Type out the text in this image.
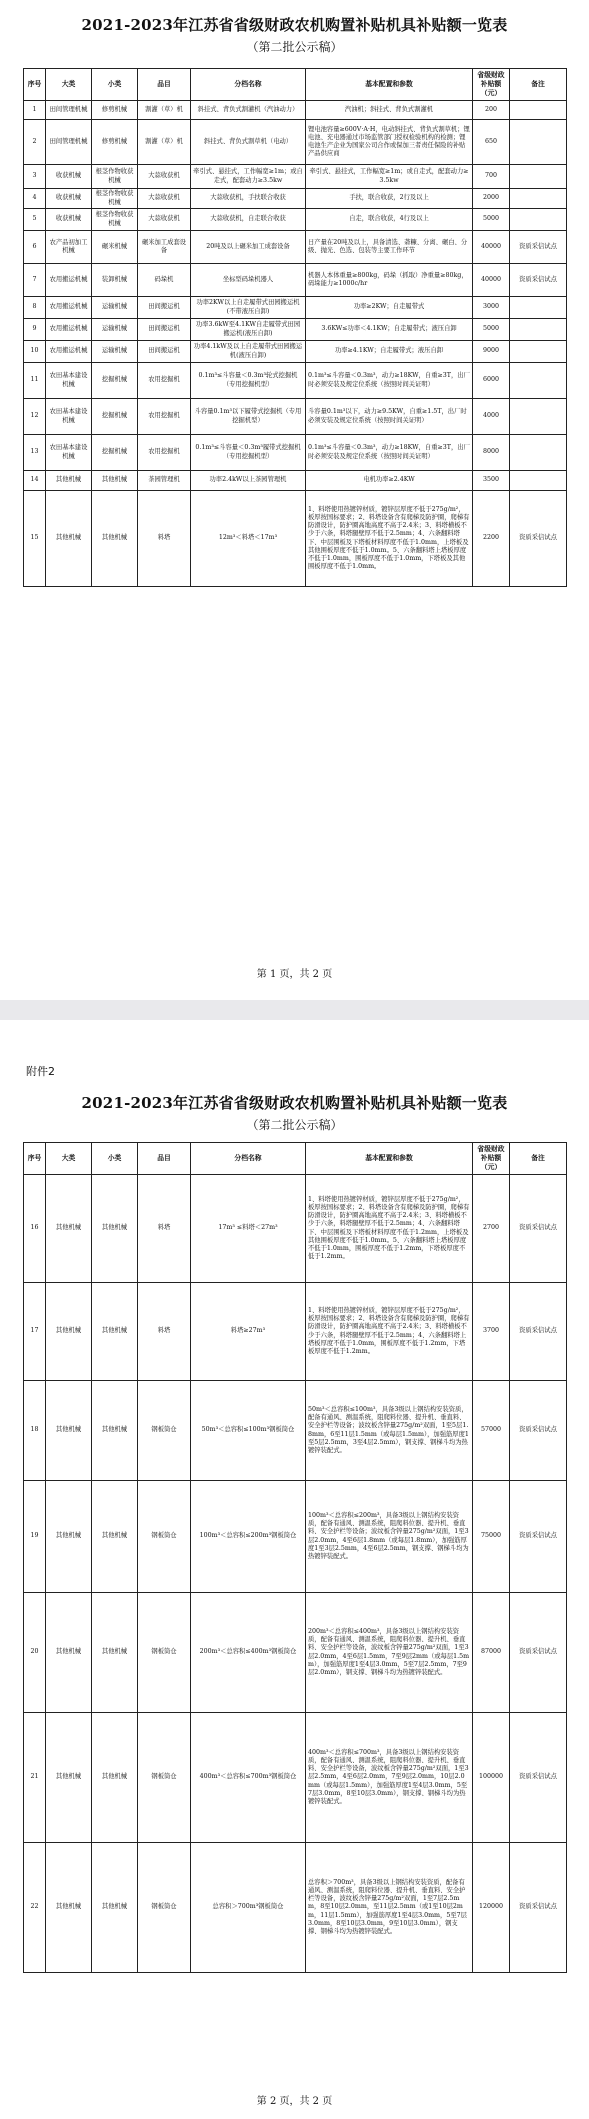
2021-2023年江苏省省级财政农机购置补贴机具补贴额一览表
（第二批公示稿）
序号	大类	小类	品目	分档名称	基本配置和参数	省级财政补贴额（元）	备注
1	田间管理机械	修剪机械	割灌（草）机	斜挂式、背负式割灌机（汽油动力）	汽油机；斜挂式、背负式割灌机	200	
2	田间管理机械	修剪机械	割灌（草）机	斜挂式、背负式割草机（电动）	锂电池容量≥600V·A·H，电动斜挂式、背负式割草机；锂电池、充电器通过市场监管部门授权检验机构的检测；锂电池生产企业为国家公司合作或保加三者责任保险的补贴产品供应商	650	
3	收获机械	根茎作物收获机械	大蒜收获机	牵引式、悬挂式，工作幅宽≥1m；或自走式，配套动力≥3.5kw	牵引式、悬挂式，工作幅宽≥1m；或自走式，配套动力≥3.5kw	700	
4	收获机械	根茎作物收获机械	大蒜收获机	大蒜收获机，手扶联合收获	手扶，联合收获，2行及以上	2000	
5	收获机械	根茎作物收获机械	大蒜收获机	大蒜收获机，自走联合收获	自走，联合收获，4行及以上	5000	
6	农产品初加工机械	碾米机械	碾米加工成套设备	20吨及以上碾米加工成套设备	日产量在20吨及以上，具备清选、砻糠、分离、碾白、分级、抛光、色选、包装等主要工作环节	40000	资质采信试点
7	农用搬运机械	装卸机械	码垛机	坐标型码垛机器人	机器人本体重量≥800kg，码垛（抓取）净重量≥80kg，码垛能力≥1000c/hr	40000	资质采信试点
8	农用搬运机械	运输机械	田间搬运机	功率2KW以上自走履带式田园搬运机(不带液压自卸)	功率≥2KW；自走履带式	3000	
9	农用搬运机械	运输机械	田间搬运机	功率3.6kW至4.1KW自走履带式田园搬运机(液压自卸)	3.6KW≤功率＜4.1KW；自走履带式；液压自卸	5000	
10	农用搬运机械	运输机械	田间搬运机	功率4.1kW及以上自走履带式田园搬运机(液压自卸)	功率≥4.1KW；自走履带式；液压自卸	9000	
11	农田基本建设机械	挖掘机械	农用挖掘机	0.1m³≤斗容量＜0.3m³轮式挖掘机（专用挖掘机型）	0.1m³≤斗容量＜0.3m³，动力≥18KW，自重≥3T，出厂时必须安装及规定位系统（按照时间关证明）	6000	
12	农田基本建设机械	挖掘机械	农用挖掘机	斗容量0.1m³以下履带式挖掘机（专用挖掘机型）	斗容量0.1m³以下，动力≥9.5KW，自重≥1.5T，出厂时必须安装及规定位系统（按照时间关证明）	4000	
13	农田基本建设机械	挖掘机械	农用挖掘机	0.1m³≤斗容量＜0.3m³履带式挖掘机（专用挖掘机型）	0.1m³≤斗容量＜0.3m³，动力≥18KW，自重≥3T，出厂时必须安装及规定位系统（按照时间关证明）	8000	
14	其他机械	其他机械	茶园管理机	功率2.4kW以上茶园管理机	电机功率≥2.4KW	3500	
15	其他机械	其他机械	料塔	12m³＜料塔＜17m³	1、料塔使用热镀锌材质，镀锌层厚度不低于275g/m²，板厚按国标要求；2、料塔设备含有爬梯及防护圈，爬梯有防滑设计，防护圈高地高度不高于2.4米；3、料塔横板不少于六条，料塔腿壁厚不低于2.5mm；4、六条翻料塔下、中层围板及下塔板材料厚度不低于1.0mm，上塔板及其他围板厚度不低于1.0mm。5、六条翻料塔上塔板厚度不低于1.0mm，围板厚度不低于1.0mm，下塔板及其他围板厚度不低于1.0mm。	2200	资质采信试点
第 1 页，共 2 页
附件2
2021-2023年江苏省省级财政农机购置补贴机具补贴额一览表
（第二批公示稿）
序号	大类	小类	品目	分档名称	基本配置和参数	省级财政补贴额（元）	备注
16	其他机械	其他机械	料塔	17m³ ≤料塔＜27m³	1、料塔使用热镀锌材质，镀锌层厚度不低于275g/m²，板厚按国标要求；2、料塔设备含有爬梯及防护圈，爬梯有防滑设计，防护圈高地高度不高于2.4米；3、料塔横板不少于六条，料塔腿壁厚不低于2.5mm；4、六条翻料塔下、中层围板及下塔板材料厚度不低于1.2mm，上塔板及其他围板厚度不低于1.0mm。5、六条翻料塔上塔板厚度不低于1.0mm，围板厚度不低于1.2mm，下塔板厚度不低于1.2mm。	2700	资质采信试点
17	其他机械	其他机械	料塔	料塔≥27m³	1、料塔使用热镀锌材质，镀锌层厚度不低于275g/m²，板厚按国标要求；2、料塔设备含有爬梯及防护圈，爬梯有防滑设计，防护圈高地高度不高于2.4米；3、料塔横板不少于六条，料塔腿壁厚不低于2.5mm；4、六条翻料塔上塔板厚度不低于1.0mm，围板厚度不低于1.2mm，下塔板厚度不低于1.2mm。	3700	资质采信试点
18	其他机械	其他机械	钢板筒仓	50m³＜总容积≤100m³钢板筒仓	50m³＜总容积≤100m³，具备3级以上钢结构安装资质，配备有通风、测温系统，阻爬料位器、提升机、垂直料、安全护栏等设备；波纹板含锌量275g/m²双面，1至5层1.8mm，6至11层1.5mm（或每层1.5mm），加强筋厚度1至5层2.5mm，3至4层2.5mm），钢支撑、钢梯斗均为热镀锌装配式。	57000	资质采信试点
19	其他机械	其他机械	钢板筒仓	100m³＜总容积≤200m³钢板筒仓	100m³＜总容积≤200m³，具备3级以上钢结构安装资质，配备有通风、测温系统，阻爬料位器、提升机、垂直料、安全护栏等设备；波纹板含锌量275g/m²双面，1至3层2.0mm，4至6层1.8mm（或每层1.8mm），加强筋厚度1至3层2.5mm，4至6层2.5mm，钢支撑、钢梯斗均为热镀锌装配式。	75000	资质采信试点
20	其他机械	其他机械	钢板筒仓	200m³＜总容积≤400m³钢板筒仓	200m³＜总容积≤400m³，具备3级以上钢结构安装资质，配备有通风、测温系统，阻爬料位器、提升机、垂直料、安全护栏等设备，波纹板含锌量275g/m²双面，1至3层2.0mm，4至6层1.5mm，7至9层2mm（或每层1.5mm），加强筋厚度1至4层3.0mm，5至7层2.5mm，7至9层2.0mm），钢支撑、钢梯斗均为热镀锌装配式。	87000	资质采信试点
21	其他机械	其他机械	钢板筒仓	400m³＜总容积≤700m³钢板筒仓	400m³＜总容积≤700m³，具备3级以上钢结构安装资质，配备有通风、测温系统，阻爬料位器、提升机、垂直料、安全护栏等设备，波纹板含锌量275g/m²双面，1至3层2.5mm，4至6层2.0mm，7至9层2.0mm，10层2.0mm（或每层1.5mm），加强筋厚度1至4层3.0mm，5至7层3.0mm，8至10层3.0mm），钢支撑、钢梯斗均为热镀锌装配式。	100000	资质采信试点
22	其他机械	其他机械	钢板筒仓	总容积＞700m³钢板筒仓	总容积＞700m³，具备3级以上钢结构安装资质，配备有通风、测温系统，阻爬料位器、提升机、垂直料、安全护栏等设备，波纹板含锌量275g/m²双面，1至7层2.5mm，8至10层2.0mm，至11层2.5mm（或1至10层2mm，11层1.5mm），加强筋厚度1至4层3.0mm，5至7层3.0mm，8至10层3.0mm，9至10层3.0mm），钢支撑、钢梯斗均为热镀锌装配式。	120000	资质采信试点
第 2 页，共 2 页
